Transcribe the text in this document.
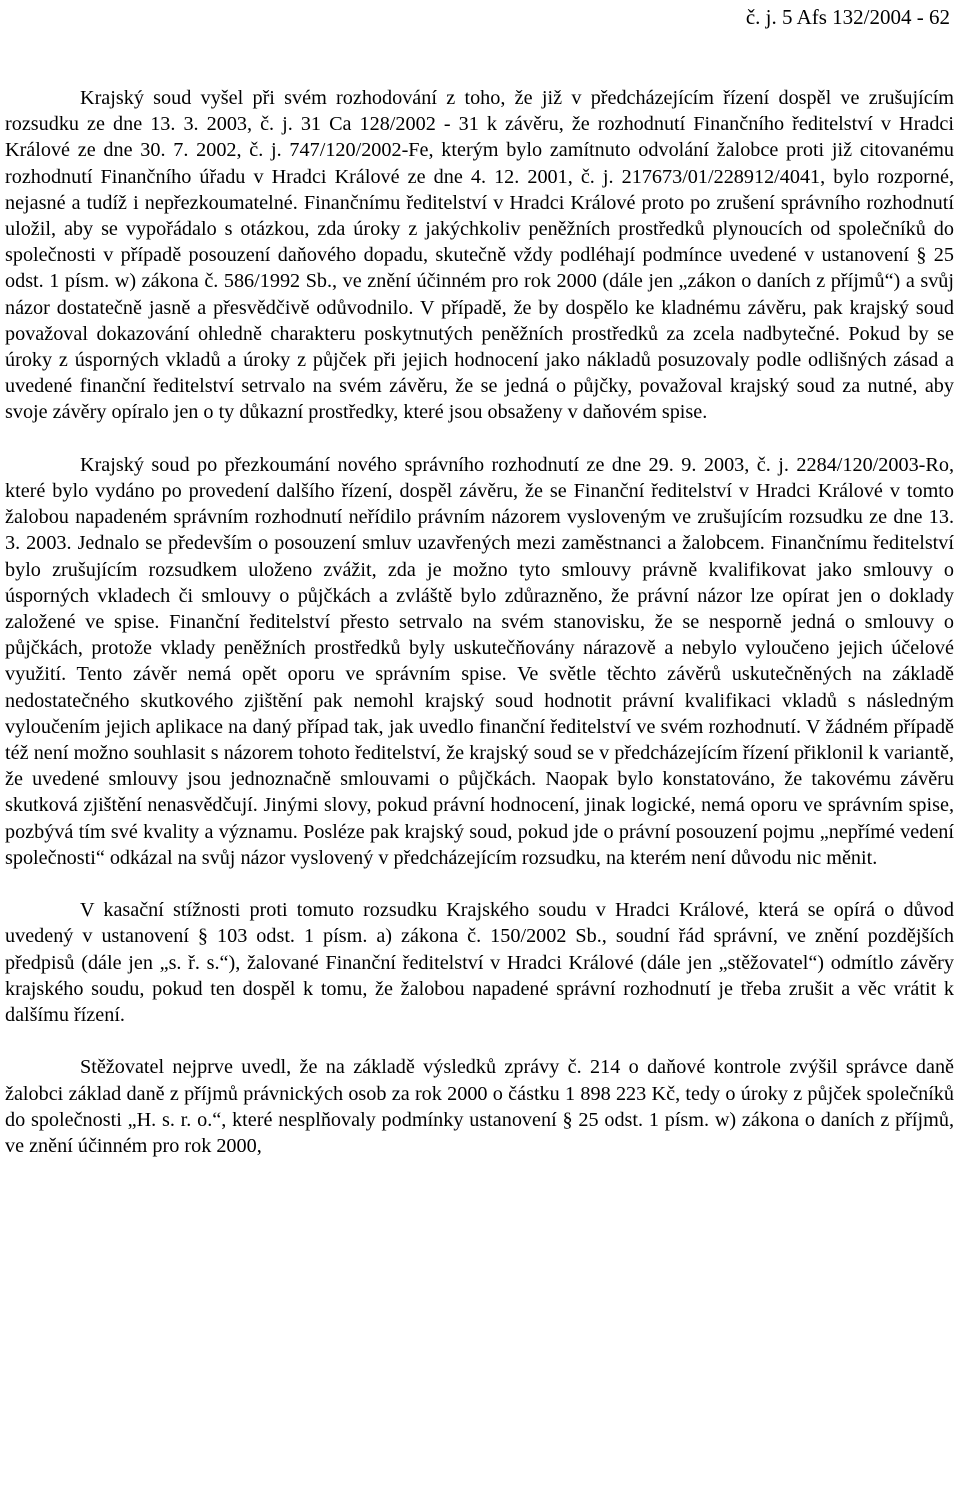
č. j. 5 Afs 132/2004 - 62

Krajský soud vyšel při svém rozhodování z toho, že již v předcházejícím řízení dospěl ve zrušujícím rozsudku ze dne 13. 3. 2003, č. j. 31 Ca 128/2002 - 31 k závěru, že rozhodnutí Finančního ředitelství v Hradci Králové ze dne 30. 7. 2002, č. j. 747/120/2002-Fe, kterým bylo zamítnuto odvolání žalobce proti již citovanému rozhodnutí Finančního úřadu v Hradci Králové ze dne 4. 12. 2001, č. j. 217673/01/228912/4041, bylo rozporné, nejasné a tudíž i nepřezkoumatelné. Finančnímu ředitelství v Hradci Králové proto po zrušení správního rozhodnutí uložil, aby se vypořádalo s otázkou, zda úroky z jakýchkoliv peněžních prostředků plynoucích od společníků do společnosti v případě posouzení daňového dopadu, skutečně vždy podléhají podmínce uvedené v ustanovení § 25 odst. 1 písm. w) zákona č. 586/1992 Sb., ve znění účinném pro rok 2000 (dále jen „zákon o daních z příjmů“) a svůj názor dostatečně jasně a přesvědčivě odůvodnilo. V případě, že by dospělo ke kladnému závěru, pak krajský soud považoval dokazování ohledně charakteru poskytnutých peněžních prostředků za zcela nadbytečné. Pokud by se úroky z úsporných vkladů a úroky z půjček při jejich hodnocení jako nákladů posuzovaly podle odlišných zásad a uvedené finanční ředitelství setrvalo na svém závěru, že se jedná o půjčky, považoval krajský soud za nutné, aby svoje závěry opíralo jen o ty důkazní prostředky, které jsou obsaženy v daňovém spise.

Krajský soud po přezkoumání nového správního rozhodnutí ze dne 29. 9. 2003, č. j. 2284/120/2003-Ro, které bylo vydáno po provedení dalšího řízení, dospěl závěru, že se Finanční ředitelství v Hradci Králové v tomto žalobou napadeném správním rozhodnutí neřídilo právním názorem vysloveným ve zrušujícím rozsudku ze dne 13. 3. 2003. Jednalo se především o posouzení smluv uzavřených mezi zaměstnanci a žalobcem. Finančnímu ředitelství bylo zrušujícím rozsudkem uloženo zvážit, zda je možno tyto smlouvy právně kvalifikovat jako smlouvy o úsporných vkladech či smlouvy o půjčkách a zvláště bylo zdůrazněno, že právní názor lze opírat jen o doklady založené ve spise. Finanční ředitelství přesto setrvalo na svém stanovisku, že se nesporně jedná o smlouvy o půjčkách, protože vklady peněžních prostředků byly uskutečňovány nárazově a nebylo vyloučeno jejich účelové využití. Tento závěr nemá opět oporu ve správním spise. Ve světle těchto závěrů uskutečněných na základě nedostatečného skutkového zjištění pak nemohl krajský soud hodnotit právní kvalifikaci vkladů s následným vyloučením jejich aplikace na daný případ tak, jak uvedlo finanční ředitelství ve svém rozhodnutí. V žádném případě též není možno souhlasit s názorem tohoto ředitelství, že krajský soud se v předcházejícím řízení přiklonil k variantě, že uvedené smlouvy jsou jednoznačně smlouvami o půjčkách. Naopak bylo konstatováno, že takovému závěru skutková zjištění nenasvědčují. Jinými slovy, pokud právní hodnocení, jinak logické, nemá oporu ve správním spise, pozbývá tím své kvality a významu. Posléze pak krajský soud, pokud jde o právní posouzení pojmu „nepřímé vedení společnosti“ odkázal na svůj názor vyslovený v předcházejícím rozsudku, na kterém není důvodu nic měnit.

V kasační stížnosti proti tomuto rozsudku Krajského soudu v Hradci Králové, která se opírá o důvod uvedený v ustanovení § 103 odst. 1 písm. a) zákona č. 150/2002 Sb., soudní řád správní, ve znění pozdějších předpisů (dále jen „s. ř. s.“), žalované Finanční ředitelství v Hradci Králové (dále jen „stěžovatel“) odmítlo závěry krajského soudu, pokud ten dospěl k tomu, že žalobou napadené správní rozhodnutí je třeba zrušit a věc vrátit k dalšímu řízení.

Stěžovatel nejprve uvedl, že na základě výsledků zprávy č. 214 o daňové kontrole zvýšil správce daně žalobci základ daně z příjmů právnických osob za rok 2000 o částku 1 898 223 Kč, tedy o úroky z půjček společníků do společnosti „H. s. r. o.“, které nesplňovaly podmínky ustanovení § 25 odst. 1 písm. w) zákona o daních z příjmů, ve znění účinném pro rok 2000,
